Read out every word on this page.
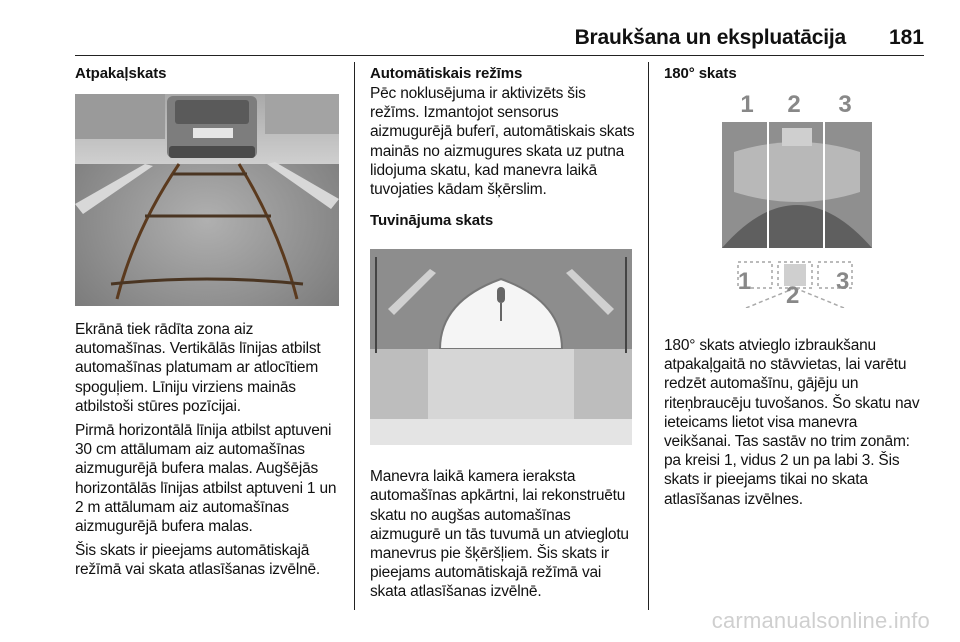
Braukšana un ekspluatācija 181
Atpakaļskats

Ekrānā tiek rādīta zona aiz automašīnas. Vertikālās līnijas atbilst automašīnas platumam ar atlocītiem spoguļiem. Līniju virziens mainās atbilstoši stūres pozīcijai.

Pirmā horizontālā līnija atbilst aptuveni 30 cm attālumam aiz automašīnas aizmugurējā bufera malas. Augšējās horizontālās līnijas atbilst aptuveni 1 un 2 m attālumam aiz automašīnas aizmugurējā bufera malas.

Šis skats ir pieejams automātiskajā režīmā vai skata atlasīšanas izvēlnē.

Automātiskais režīms

Pēc noklusējuma ir aktivizēts šis režīms. Izmantojot sensorus aizmugurējā buferī, automātiskais skats mainās no aizmugures skata uz putna lidojuma skatu, kad manevra laikā tuvojaties kādam šķērslim.

Tuvinājuma skats

Manevra laikā kamera ieraksta automašīnas apkārtni, lai rekonstruētu skatu no augšas automašīnas aizmugurē un tās tuvumā un atvieglotu manevrus pie šķēršļiem. Šis skats ir pieejams automātiskajā režīmā vai skata atlasīšanas izvēlnē.

180° skats
1 2 3
1
2
3

180° skats atvieglo izbraukšanu atpakaļgaitā no stāvvietas, lai varētu redzēt automašīnu, gājēju un riteņbraucēju tuvošanos. Šo skatu nav ieteicams lietot visa manevra veikšanai. Tas sastāv no trim zonām: pa kreisi 1, vidus 2 un pa labi 3. Šis skats ir pieejams tikai no skata atlasīšanas izvēlnes.

carmanualsonline.info
